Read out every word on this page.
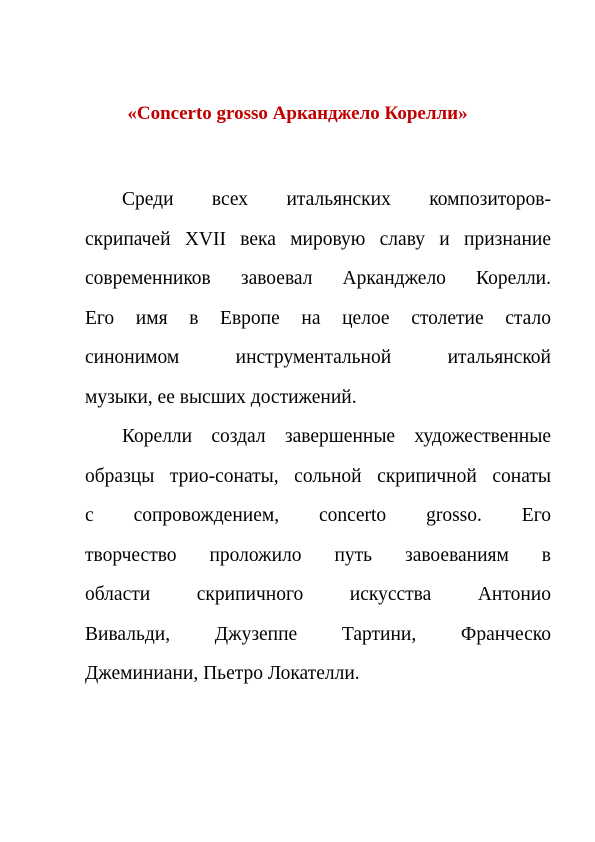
«Concerto grosso Арканджело Корелли»
Среди всех итальянских композиторов-
скрипачей XVII века мировую славу и признание
современников завоевал Арканджело Корелли.
Его имя в Европе на целое столетие стало
синонимом инструментальной итальянской
музыки, ее высших достижений.
Корелли создал завершенные художественные
образцы трио-сонаты, сольной скрипичной сонаты
с сопровождением, concerto grosso. Его
творчество проложило путь завоеваниям в
области скрипичного искусства Антонио
Вивальди, Джузеппе Тартини, Франческо
Джеминиани, Пьетро Локателли.
